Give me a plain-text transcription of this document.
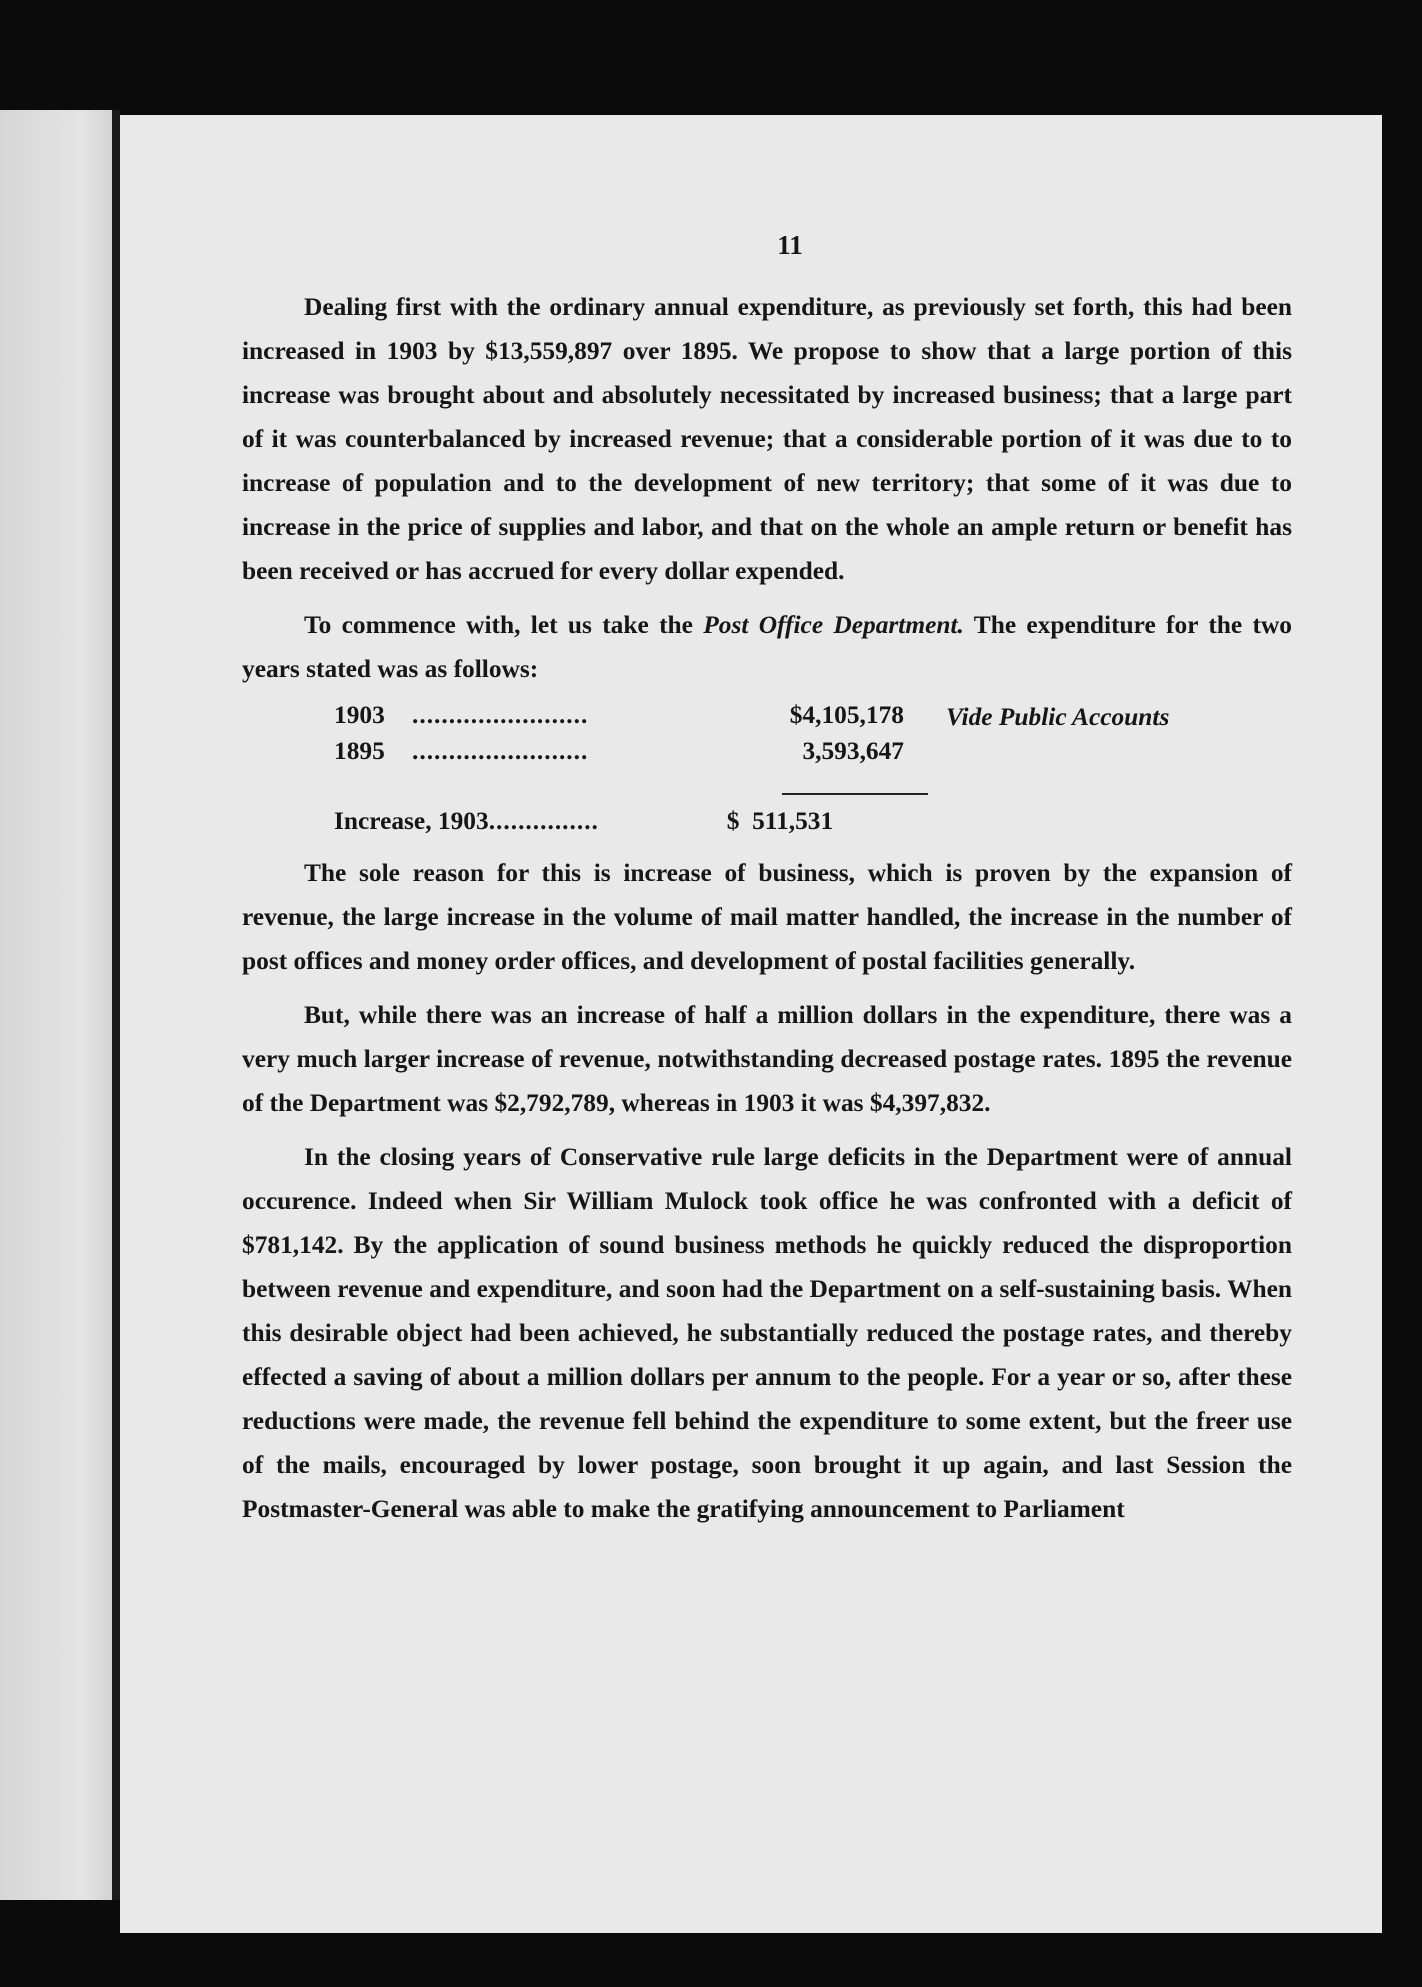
11

Dealing first with the ordinary annual expenditure, as previously set forth, this had been increased in 1903 by $13,559,897 over 1895. We propose to show that a large portion of this increase was brought about and absolutely necessitated by increased business; that a large part of it was counterbalanced by increased revenue; that a considerable portion of it was due to to increase of population and to the development of new territory; that some of it was due to increase in the price of supplies and labor, and that on the whole an ample return or benefit has been received or has accrued for every dollar expended.

To commence with, let us take the Post Office Department. The expenditure for the two years stated was as follows:

1903 ........................	$4,105,178 Vide Public Accounts
1895 ........................	3,593,647
Increase, 1903...............	$  511,531

The sole reason for this is increase of business, which is proven by the expansion of revenue, the large increase in the volume of mail matter handled, the increase in the number of post offices and money order offices, and development of postal facilities generally.

But, while there was an increase of half a million dollars in the expenditure, there was a very much larger increase of revenue, notwithstanding decreased postage rates. 1895 the revenue of the Department was $2,792,789, whereas in 1903 it was $4,397,832.

In the closing years of Conservative rule large deficits in the Department were of annual occurence. Indeed when Sir William Mulock took office he was confronted with a deficit of $781,142. By the application of sound business methods he quickly reduced the disproportion between revenue and expenditure, and soon had the Department on a self-sustaining basis. When this desirable object had been achieved, he substantially reduced the postage rates, and thereby effected a saving of about a million dollars per annum to the people. For a year or so, after these reductions were made, the revenue fell behind the expenditure to some extent, but the freer use of the mails, encouraged by lower postage, soon brought it up again, and last Session the Postmaster-General was able to make the gratifying announcement to Parliament
